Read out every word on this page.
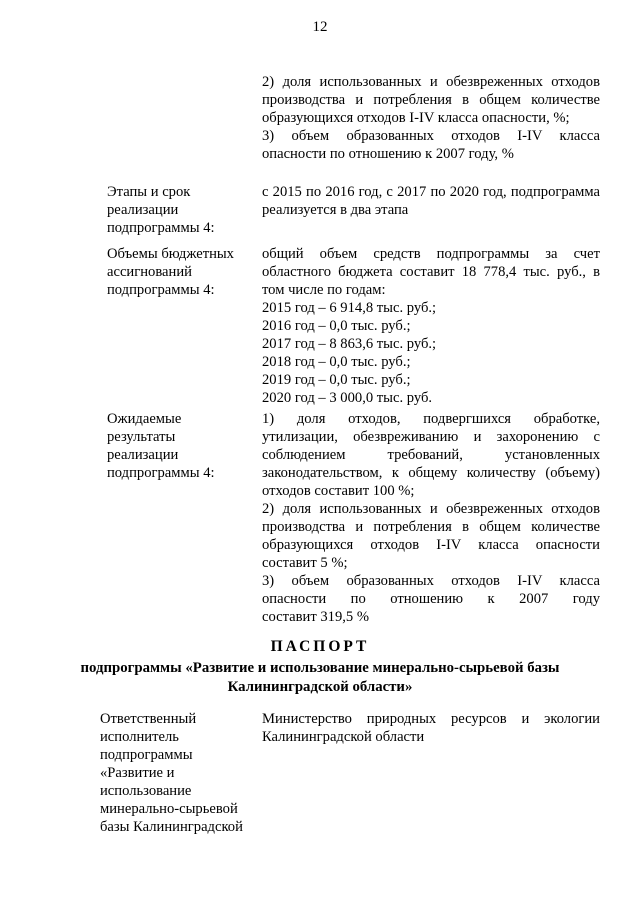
12
2) доля использованных и обезвреженных отходов
производства и потребления в общем количестве
образующихся отходов I-IV класса опасности, %;
3) объем образованных отходов I-IV класса
опасности по отношению к 2007 году, %
Этапы и срок
реализации
подпрограммы 4:
с 2015 по 2016 год, с 2017 по 2020 год, подпрограмма
реализуется в два этапа
Объемы бюджетных
ассигнований
подпрограммы 4:
общий объем средств подпрограммы за счет
областного бюджета составит 18 778,4 тыс. руб., в
том числе по годам:
2015 год – 6 914,8 тыс. руб.;
2016 год – 0,0 тыс. руб.;
2017 год – 8 863,6 тыс. руб.;
2018 год – 0,0 тыс. руб.;
2019 год – 0,0 тыс. руб.;
2020 год – 3 000,0 тыс. руб.
Ожидаемые
результаты
реализации
подпрограммы 4:
1) доля отходов, подвергшихся обработке,
утилизации, обезвреживанию и захоронению с
соблюдением требований, установленных
законодательством, к общему количеству (объему)
отходов составит 100 %;
2) доля использованных и обезвреженных отходов
производства и потребления в общем количестве
образующихся отходов I-IV класса опасности
составит 5 %;
3) объем образованных отходов I-IV класса
опасности по отношению к 2007 году
составит 319,5 %
ПАСПОРТ
подпрограммы «Развитие и использование минерально-сырьевой базы
Калининградской области»
Ответственный
исполнитель
подпрограммы
«Развитие и
использование
минерально-сырьевой
базы Калининградской
Министерство природных ресурсов и экологии
Калининградской области
